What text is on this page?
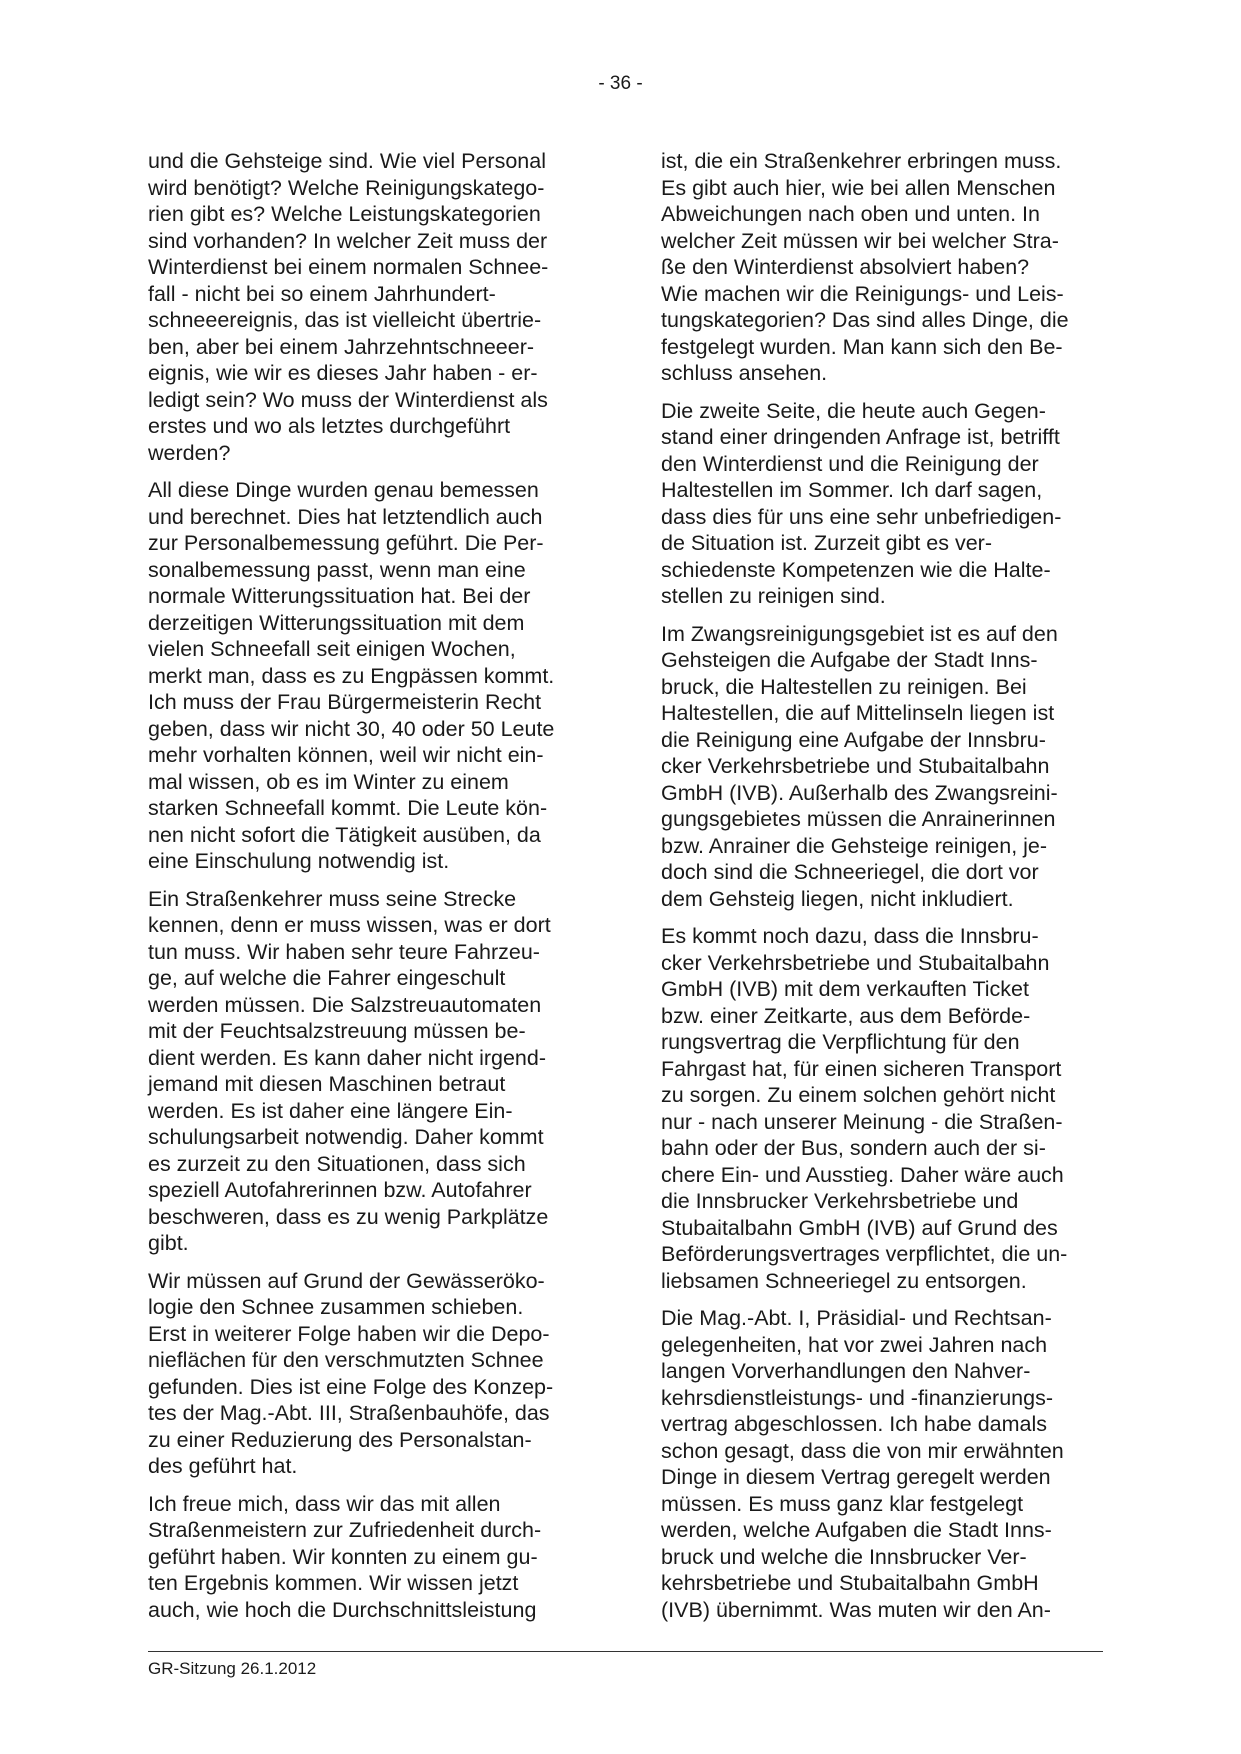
- 36 -

und die Gehsteige sind. Wie viel Personal
wird benötigt? Welche Reinigungskatego-
rien gibt es? Welche Leistungskategorien
sind vorhanden? In welcher Zeit muss der
Winterdienst bei einem normalen Schnee-
fall - nicht bei so einem Jahrhundert-
schneeereignis, das ist vielleicht übertrie-
ben, aber bei einem Jahrzehntschneeer-
eignis, wie wir es dieses Jahr haben - er-
ledigt sein? Wo muss der Winterdienst als
erstes und wo als letztes durchgeführt
werden?

All diese Dinge wurden genau bemessen
und berechnet. Dies hat letztendlich auch
zur Personalbemessung geführt. Die Per-
sonalbemessung passt, wenn man eine
normale Witterungssituation hat. Bei der
derzeitigen Witterungssituation mit dem
vielen Schneefall seit einigen Wochen,
merkt man, dass es zu Engpässen kommt.
Ich muss der Frau Bürgermeisterin Recht
geben, dass wir nicht 30, 40 oder 50 Leute
mehr vorhalten können, weil wir nicht ein-
mal wissen, ob es im Winter zu einem
starken Schneefall kommt. Die Leute kön-
nen nicht sofort die Tätigkeit ausüben, da
eine Einschulung notwendig ist.

Ein Straßenkehrer muss seine Strecke
kennen, denn er muss wissen, was er dort
tun muss. Wir haben sehr teure Fahrzeu-
ge, auf welche die Fahrer eingeschult
werden müssen. Die Salzstreuautomaten
mit der Feuchtsalzstreuung müssen be-
dient werden. Es kann daher nicht irgend-
jemand mit diesen Maschinen betraut
werden. Es ist daher eine längere Ein-
schulungsarbeit notwendig. Daher kommt
es zurzeit zu den Situationen, dass sich
speziell Autofahrerinnen bzw. Autofahrer
beschweren, dass es zu wenig Parkplätze
gibt.

Wir müssen auf Grund der Gewässeröko-
logie den Schnee zusammen schieben.
Erst in weiterer Folge haben wir die Depo-
nieflächen für den verschmutzten Schnee
gefunden. Dies ist eine Folge des Konzep-
tes der Mag.-Abt. III, Straßenbauhöfe, das
zu einer Reduzierung des Personalstan-
des geführt hat.

Ich freue mich, dass wir das mit allen
Straßenmeistern zur Zufriedenheit durch-
geführt haben. Wir konnten zu einem gu-
ten Ergebnis kommen. Wir wissen jetzt
auch, wie hoch die Durchschnittsleistung

ist, die ein Straßenkehrer erbringen muss.
Es gibt auch hier, wie bei allen Menschen
Abweichungen nach oben und unten. In
welcher Zeit müssen wir bei welcher Stra-
ße den Winterdienst absolviert haben?
Wie machen wir die Reinigungs- und Leis-
tungskategorien? Das sind alles Dinge, die
festgelegt wurden. Man kann sich den Be-
schluss ansehen.

Die zweite Seite, die heute auch Gegen-
stand einer dringenden Anfrage ist, betrifft
den Winterdienst und die Reinigung der
Haltestellen im Sommer. Ich darf sagen,
dass dies für uns eine sehr unbefriedigen-
de Situation ist. Zurzeit gibt es ver-
schiedenste Kompetenzen wie die Halte-
stellen zu reinigen sind.

Im Zwangsreinigungsgebiet ist es auf den
Gehsteigen die Aufgabe der Stadt Inns-
bruck, die Haltestellen zu reinigen. Bei
Haltestellen, die auf Mittelinseln liegen ist
die Reinigung eine Aufgabe der Innsbru-
cker Verkehrsbetriebe und Stubaitalbahn
GmbH (IVB). Außerhalb des Zwangsreini-
gungsgebietes müssen die Anrainerinnen
bzw. Anrainer die Gehsteige reinigen, je-
doch sind die Schneeriegel, die dort vor
dem Gehsteig liegen, nicht inkludiert.

Es kommt noch dazu, dass die Innsbru-
cker Verkehrsbetriebe und Stubaitalbahn
GmbH (IVB) mit dem verkauften Ticket
bzw. einer Zeitkarte, aus dem Beförde-
rungsvertrag die Verpflichtung für den
Fahrgast hat, für einen sicheren Transport
zu sorgen. Zu einem solchen gehört nicht
nur - nach unserer Meinung - die Straßen-
bahn oder der Bus, sondern auch der si-
chere Ein- und Ausstieg. Daher wäre auch
die Innsbrucker Verkehrsbetriebe und
Stubaitalbahn GmbH (IVB) auf Grund des
Beförderungsvertrages verpflichtet, die un-
liebsamen Schneeriegel zu entsorgen.

Die Mag.-Abt. I, Präsidial- und Rechtsan-
gelegenheiten, hat vor zwei Jahren nach
langen Vorverhandlungen den Nahver-
kehrsdienstleistungs- und -finanzierungs-
vertrag abgeschlossen. Ich habe damals
schon gesagt, dass die von mir erwähnten
Dinge in diesem Vertrag geregelt werden
müssen. Es muss ganz klar festgelegt
werden, welche Aufgaben die Stadt Inns-
bruck und welche die Innsbrucker Ver-
kehrsbetriebe und Stubaitalbahn GmbH
(IVB) übernimmt. Was muten wir den An-

GR-Sitzung 26.1.2012
